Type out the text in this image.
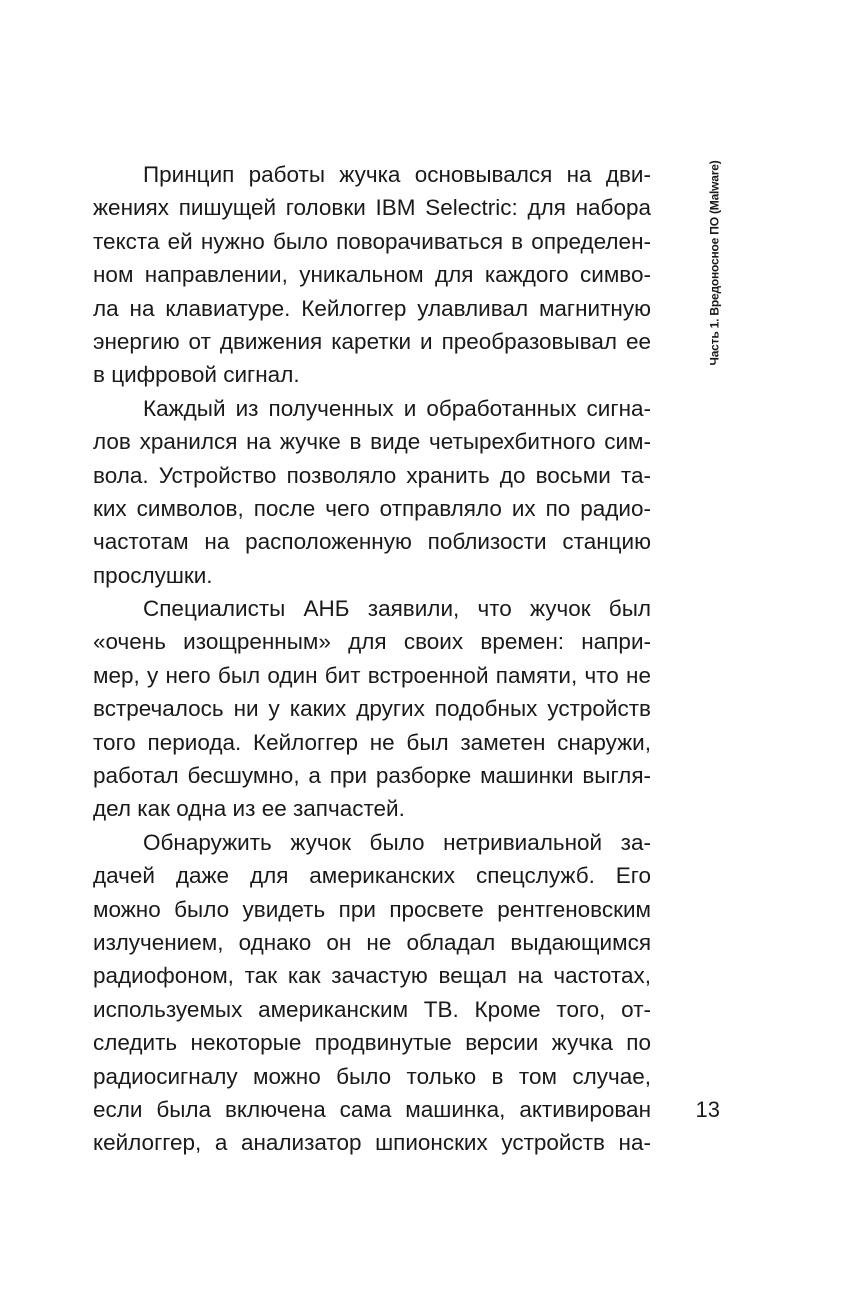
Принцип работы жучка основывался на дви-
жениях пишущей головки IBM Selectric: для набора
текста ей нужно было поворачиваться в определен-
ном направлении, уникальном для каждого симво-
ла на клавиатуре. Кейлоггер улавливал магнитную
энергию от движения каретки и преобразовывал ее
в цифровой сигнал.
Каждый из полученных и обработанных сигна-
лов хранился на жучке в виде четырехбитного сим-
вола. Устройство позволяло хранить до восьми та-
ких символов, после чего отправляло их по радио-
частотам на расположенную поблизости станцию
прослушки.
Специалисты АНБ заявили, что жучок был
«очень изощренным» для своих времен: напри-
мер, у него был один бит встроенной памяти, что не
встречалось ни у каких других подобных устройств
того периода. Кейлоггер не был заметен снаружи,
работал бесшумно, а при разборке машинки выгля-
дел как одна из ее запчастей.
Обнаружить жучок было нетривиальной за-
дачей даже для американских спецслужб. Его
можно было увидеть при просвете рентгеновским
излучением, однако он не обладал выдающимся
радиофоном, так как зачастую вещал на частотах,
используемых американским ТВ. Кроме того, от-
следить некоторые продвинутые версии жучка по
радиосигналу можно было только в том случае,
если была включена сама машинка, активирован
кейлоггер, а анализатор шпионских устройств на-
Часть 1. Вредоносное ПО (Malware)
13
